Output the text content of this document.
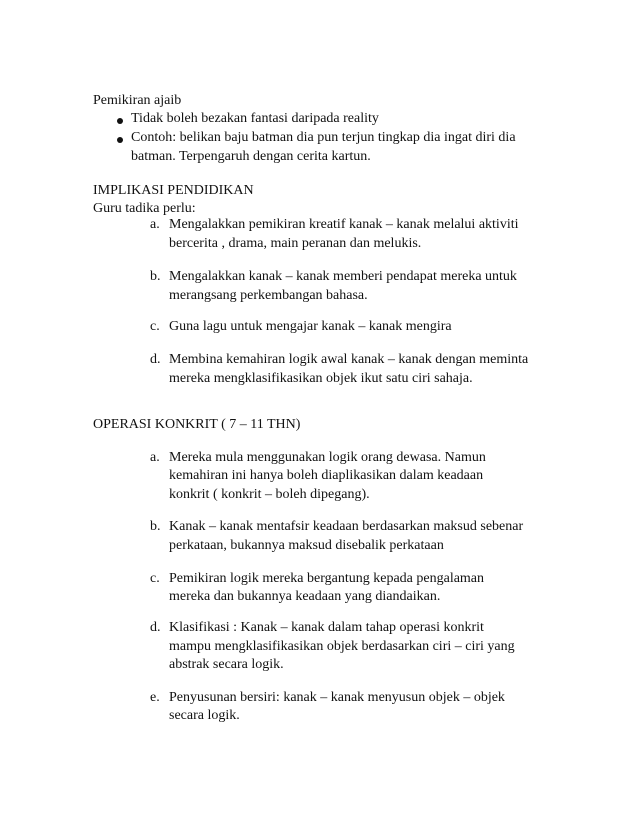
Pemikiran ajaib
Tidak boleh bezakan fantasi daripada reality
Contoh: belikan baju batman dia pun terjun tingkap dia ingat diri dia
batman. Terpengaruh dengan cerita kartun.
IMPLIKASI PENDIDIKAN
Guru tadika perlu:
a. Mengalakkan pemikiran kreatif kanak – kanak melalui aktiviti
bercerita , drama, main peranan dan melukis.
b. Mengalakkan kanak – kanak memberi pendapat mereka untuk
merangsang perkembangan bahasa.
c. Guna lagu untuk mengajar kanak – kanak mengira
d. Membina kemahiran logik awal kanak – kanak dengan meminta
mereka mengklasifikasikan objek ikut satu ciri sahaja.
OPERASI KONKRIT ( 7 – 11 THN)
a. Mereka mula menggunakan logik orang dewasa. Namun
kemahiran ini hanya boleh diaplikasikan dalam keadaan
konkrit ( konkrit – boleh dipegang).
b. Kanak – kanak mentafsir keadaan berdasarkan maksud sebenar
perkataan, bukannya maksud disebalik perkataan
c. Pemikiran logik mereka bergantung kepada pengalaman
mereka dan bukannya keadaan yang diandaikan.
d. Klasifikasi : Kanak – kanak dalam tahap operasi konkrit
mampu mengklasifikasikan objek berdasarkan ciri – ciri yang
abstrak secara logik.
e. Penyusunan bersiri: kanak – kanak menyusun objek – objek
secara logik.
